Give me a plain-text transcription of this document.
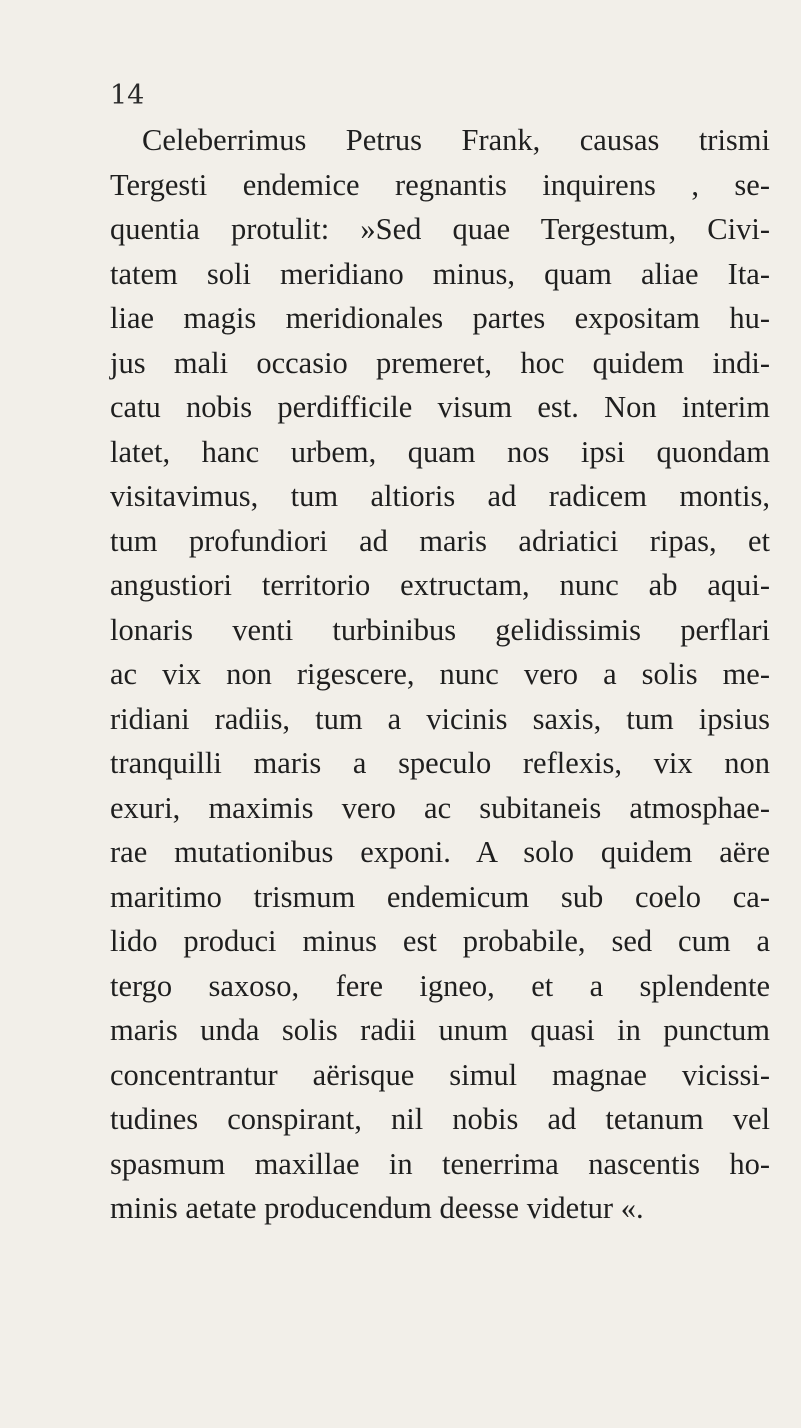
14
Celeberrimus Petrus Frank, causas trismi
Tergesti endemice regnantis inquirens , se-
quentia protulit: »Sed quae Tergestum, Civi-
tatem soli meridiano minus, quam aliae Ita-
liae magis meridionales partes expositam hu-
jus mali occasio premeret, hoc quidem indi-
catu nobis perdifficile visum est. Non interim
latet, hanc urbem, quam nos ipsi quondam
visitavimus, tum altioris ad radicem montis,
tum profundiori ad maris adriatici ripas, et
angustiori territorio extructam, nunc ab aqui-
lonaris venti turbinibus gelidissimis perflari
ac vix non rigescere, nunc vero a solis me-
ridiani radiis, tum a vicinis saxis, tum ipsius
tranquilli maris a speculo reflexis, vix non
exuri, maximis vero ac subitaneis atmosphae-
rae mutationibus exponi. A solo quidem aëre
maritimo trismum endemicum sub coelo ca-
lido produci minus est probabile, sed cum a
tergo saxoso, fere igneo, et a splendente
maris unda solis radii unum quasi in punctum
concentrantur aërisque simul magnae vicissi-
tudines conspirant, nil nobis ad tetanum vel
spasmum maxillae in tenerrima nascentis ho-
minis aetate producendum deesse videtur «.
